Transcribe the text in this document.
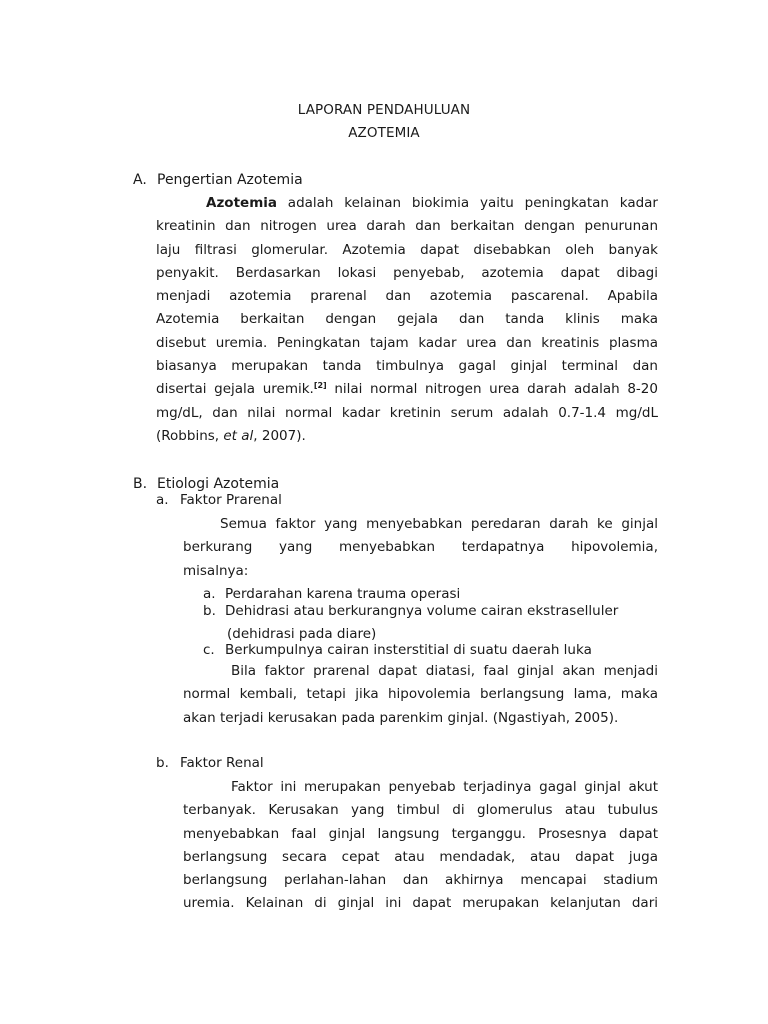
LAPORAN PENDAHULUAN
AZOTEMIA
A. Pengertian Azotemia

Azotemia adalah kelainan biokimia yaitu peningkatan kadar

kreatinin dan nitrogen urea darah dan berkaitan dengan penurunan

laju filtrasi glomerular. Azotemia dapat disebabkan oleh banyak

penyakit. Berdasarkan lokasi penyebab, azotemia dapat dibagi

menjadi azotemia prarenal dan azotemia pascarenal. Apabila

Azotemia berkaitan dengan gejala dan tanda klinis maka

disebut uremia. Peningkatan tajam kadar urea dan kreatinis plasma

biasanya merupakan tanda timbulnya gagal ginjal terminal dan

disertai gejala uremik.[2] nilai normal nitrogen urea darah adalah 8-20

mg/dL, dan nilai normal kadar kretinin serum adalah 0.7-1.4 mg/dL

(Robbins, et al, 2007).

B. Etiologi Azotemia
a. Faktor Prarenal

Semua faktor yang menyebabkan peredaran darah ke ginjal

berkurang yang menyebabkan terdapatnya hipovolemia,

misalnya:

a. Perdarahan karena trauma operasi
b. Dehidrasi atau berkurangnya volume cairan ekstraselluler
(dehidrasi pada diare)
c. Berkumpulnya cairan insterstitial di suatu daerah luka

Bila faktor prarenal dapat diatasi, faal ginjal akan menjadi

normal kembali, tetapi jika hipovolemia berlangsung lama, maka

akan terjadi kerusakan pada parenkim ginjal. (Ngastiyah, 2005).

b. Faktor Renal

Faktor ini merupakan penyebab terjadinya gagal ginjal akut

terbanyak. Kerusakan yang timbul di glomerulus atau tubulus

menyebabkan faal ginjal langsung terganggu. Prosesnya dapat

berlangsung secara cepat atau mendadak, atau dapat juga

berlangsung perlahan-lahan dan akhirnya mencapai stadium

uremia. Kelainan di ginjal ini dapat merupakan kelanjutan dari
